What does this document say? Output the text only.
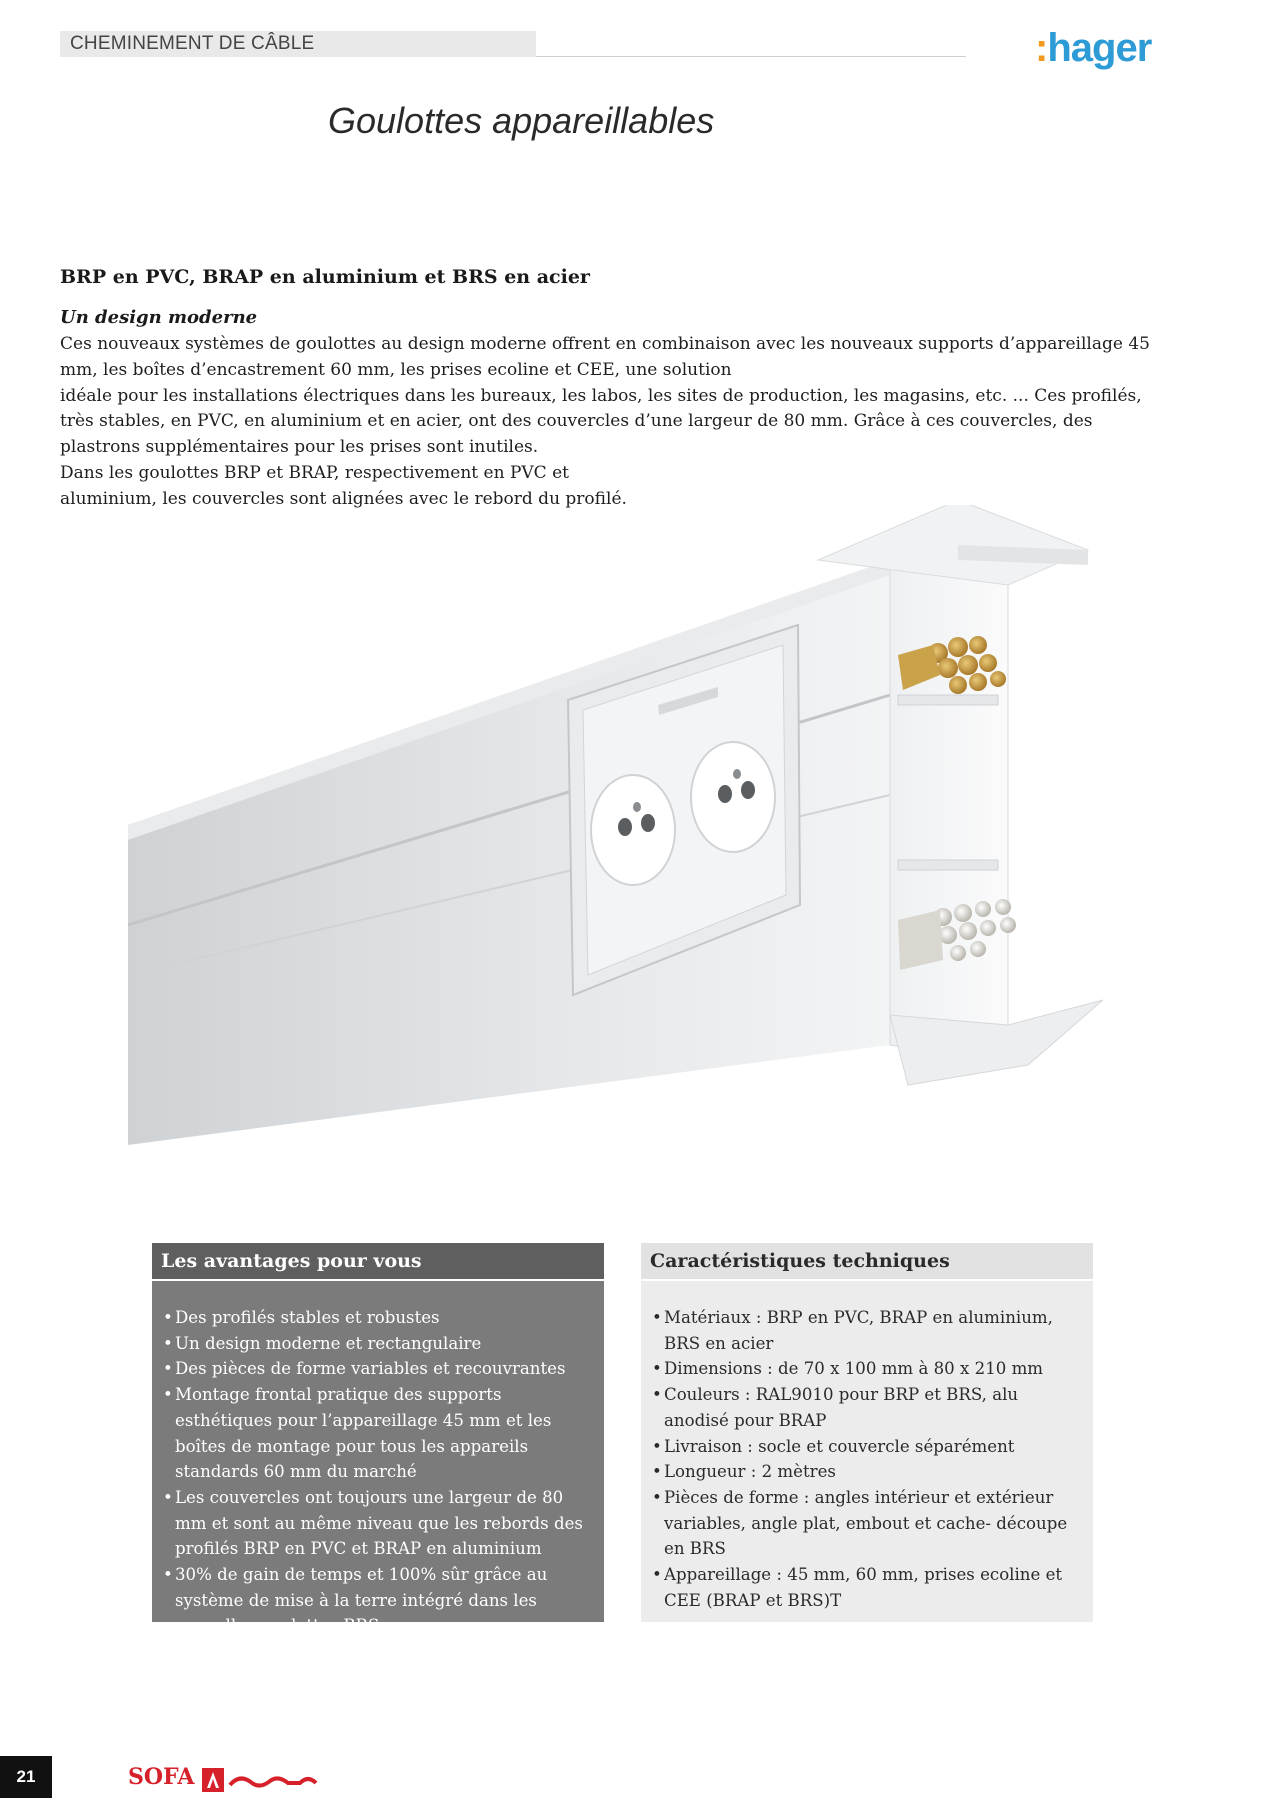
CHEMINEMENT DE CÂBLE	:hager
Goulottes appareillables
BRP en PVC, BRAP en aluminium et BRS en acier
Un design moderne

Ces nouveaux systèmes de goulottes au design moderne offrent en combinaison avec les nouveaux supports d’appareillage 45 mm, les boîtes d’encastrement 60 mm, les prises ecoline et CEE, une solution

idéale pour les installations électriques dans les bureaux, les labos, les sites de production, les magasins, etc. ... Ces profilés, très stables, en PVC, en aluminium et en acier, ont des couvercles d’une largeur de 80 mm. Grâce à ces couvercles, des plastrons supplémentaires pour les prises sont inutiles.

Dans les goulottes BRP et BRAP, respectivement en PVC et

aluminium, les couvercles sont alignées avec le rebord du profilé.

Les avantages pour vous
• Des profilés stables et robustes
• Un design moderne et rectangulaire
• Des pièces de forme variables et recouvrantes
• Montage frontal pratique des supports esthétiques pour l’appareillage 45 mm et les boîtes de montage pour tous les appareils standards 60 mm du marché
• Les couvercles ont toujours une largeur de 80 mm et sont au même niveau que les rebords des profilés BRP en PVC et BRAP en aluminium
• 30% de gain de temps et 100% sûr grâce au système de mise à la terre intégré dans les nouvelles goulottes BRS
Caractéristiques techniques
• Matériaux : BRP en PVC, BRAP en aluminium, BRS en acier
• Dimensions : de 70 x 100 mm à 80 x 210 mm
• Couleurs : RAL9010 pour BRP et BRS, alu anodisé pour BRAP
• Livraison : socle et couvercle séparément
• Longueur : 2 mètres
• Pièces de forme : angles intérieur et extérieur variables, angle plat, embout et cache- découpe en BRS
• Appareillage : 45 mm, 60 mm, prises ecoline et CEE (BRAP et BRS)T
21	SOFA
